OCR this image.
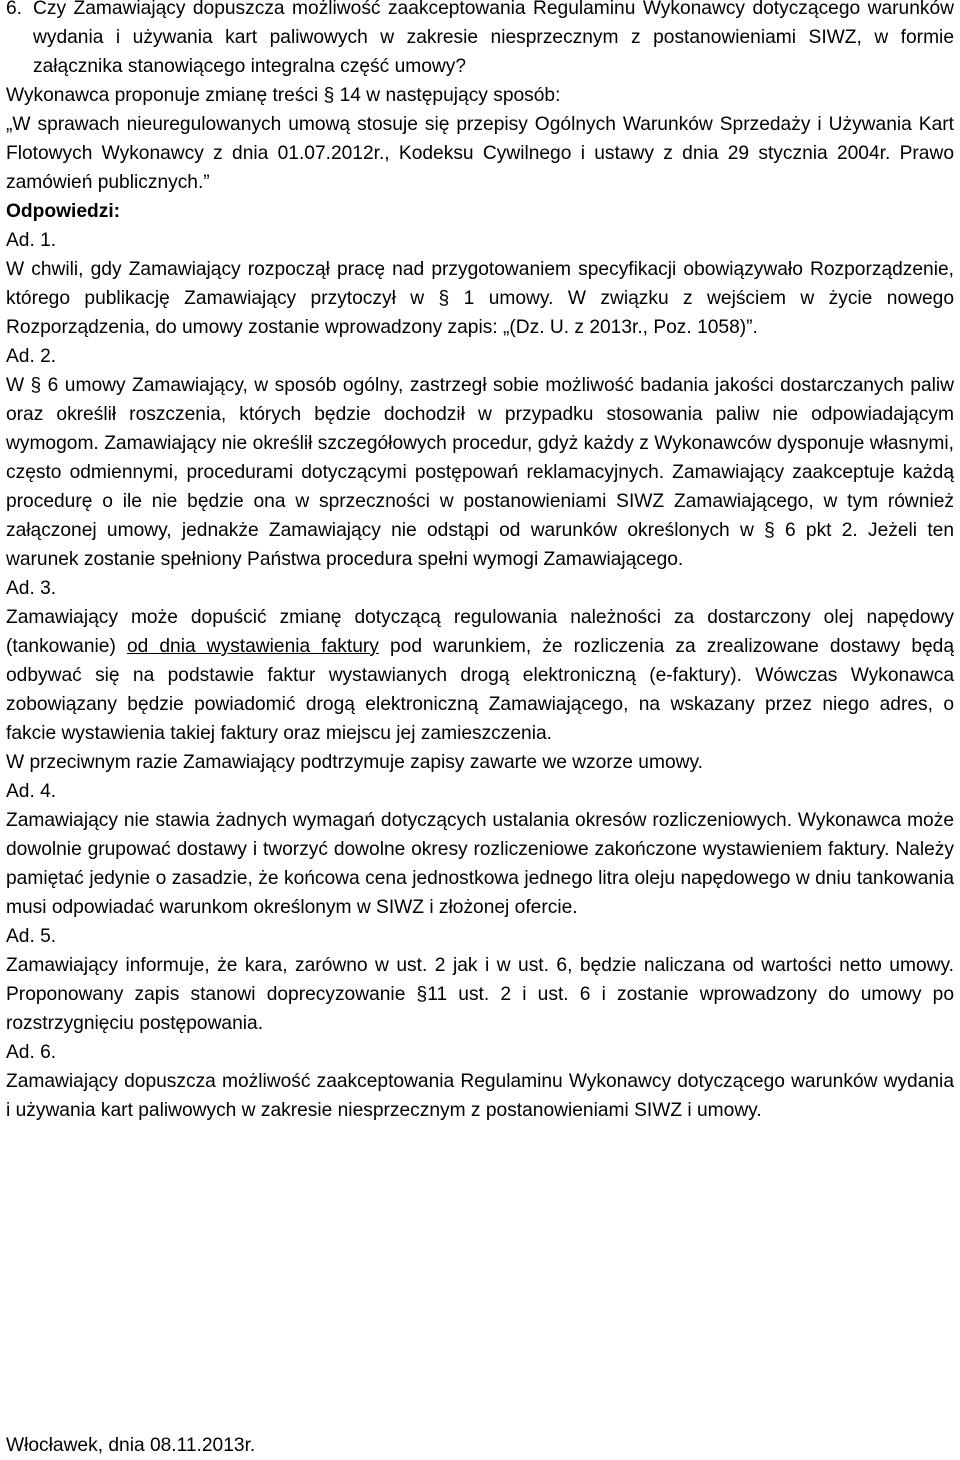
6. Czy Zamawiający dopuszcza możliwość zaakceptowania Regulaminu Wykonawcy dotyczącego warunków wydania i używania kart paliwowych w zakresie niesprzecznym z postanowieniami SIWZ, w formie załącznika stanowiącego integralna część umowy?

Wykonawca proponuje zmianę treści § 14 w następujący sposób:

„W sprawach nieuregulowanych umową stosuje się przepisy Ogólnych Warunków Sprzedaży i Używania Kart Flotowych Wykonawcy z dnia 01.07.2012r., Kodeksu Cywilnego i ustawy z dnia 29 stycznia 2004r. Prawo zamówień publicznych.”

Odpowiedzi:

Ad. 1.

W chwili, gdy Zamawiający rozpoczął pracę nad przygotowaniem specyfikacji obowiązywało Rozporządzenie, którego publikację Zamawiający przytoczył w § 1 umowy. W związku z wejściem w życie nowego Rozporządzenia, do umowy zostanie wprowadzony zapis: „(Dz. U. z 2013r., Poz. 1058)”.

Ad. 2.

W § 6 umowy Zamawiający, w sposób ogólny, zastrzegł sobie możliwość badania jakości dostarczanych paliw oraz określił roszczenia, których będzie dochodził w przypadku stosowania paliw nie odpowiadającym wymogom. Zamawiający nie określił szczegółowych procedur, gdyż każdy z Wykonawców dysponuje własnymi, często odmiennymi, procedurami dotyczącymi postępowań reklamacyjnych. Zamawiający zaakceptuje każdą procedurę o ile nie będzie ona w sprzeczności w postanowieniami SIWZ Zamawiającego, w tym również załączonej umowy, jednakże Zamawiający nie odstąpi od warunków określonych w § 6 pkt 2. Jeżeli ten warunek zostanie spełniony Państwa procedura spełni wymogi Zamawiającego.

Ad. 3.

Zamawiający może dopuścić zmianę dotyczącą regulowania należności za dostarczony olej napędowy (tankowanie) od dnia wystawienia faktury pod warunkiem, że rozliczenia za zrealizowane dostawy będą odbywać się na podstawie faktur wystawianych drogą elektroniczną (e-faktury). Wówczas Wykonawca zobowiązany będzie powiadomić drogą elektroniczną Zamawiającego, na wskazany przez niego adres, o fakcie wystawienia takiej faktury oraz miejscu jej zamieszczenia.

W przeciwnym razie Zamawiający podtrzymuje zapisy zawarte we wzorze umowy.

Ad. 4.

Zamawiający nie stawia żadnych wymagań dotyczących ustalania okresów rozliczeniowych. Wykonawca może dowolnie grupować dostawy i tworzyć dowolne okresy rozliczeniowe zakończone wystawieniem faktury. Należy pamiętać jedynie o zasadzie, że końcowa cena jednostkowa jednego litra oleju napędowego w dniu tankowania musi odpowiadać warunkom określonym w SIWZ i złożonej ofercie.

Ad. 5.

Zamawiający informuje, że kara, zarówno w ust. 2 jak i w ust. 6, będzie naliczana od wartości netto umowy. Proponowany zapis stanowi doprecyzowanie §11 ust. 2 i ust. 6 i zostanie wprowadzony do umowy po rozstrzygnięciu postępowania.

Ad. 6.

Zamawiający dopuszcza możliwość zaakceptowania Regulaminu Wykonawcy dotyczącego warunków wydania i używania kart paliwowych w zakresie niesprzecznym z postanowieniami SIWZ i umowy.

Włocławek, dnia 08.11.2013r.
